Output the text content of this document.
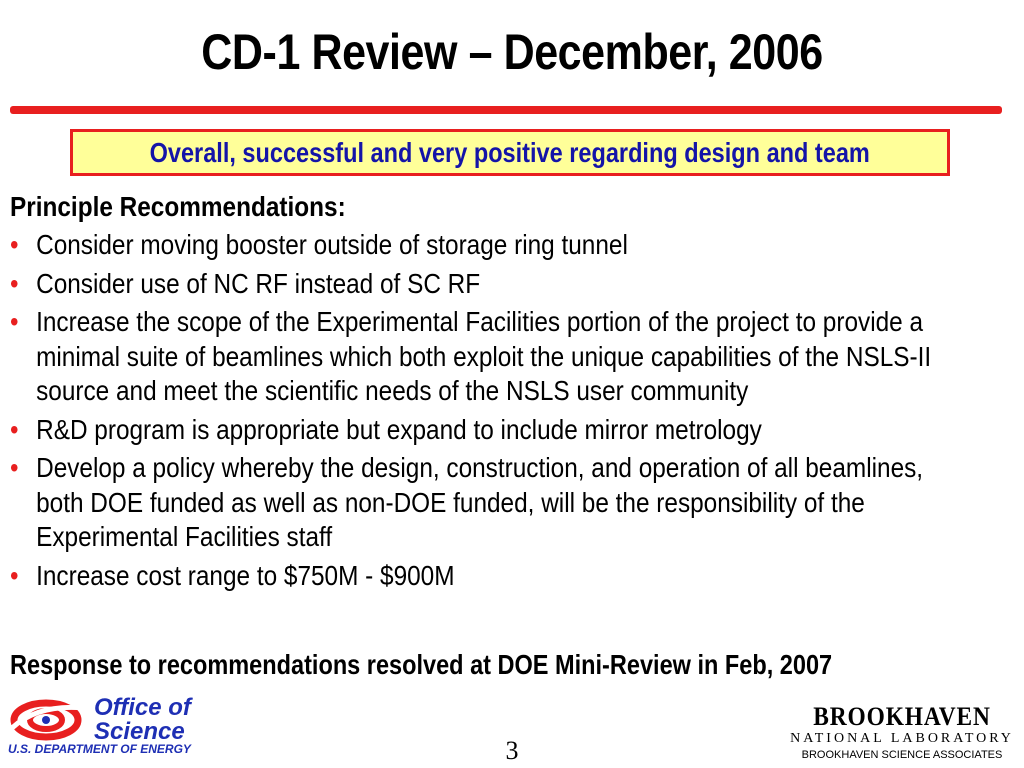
CD-1 Review – December, 2006
Overall, successful and very positive regarding design and team
Principle Recommendations:
• Consider moving booster outside of storage ring tunnel
• Consider use of NC RF instead of SC RF
• Increase the scope of the Experimental Facilities portion of the project to provide a minimal suite of beamlines which both exploit the unique capabilities of the NSLS-II source and meet the scientific needs of the NSLS user community
• R&D program is appropriate but expand to include mirror metrology
• Develop a policy whereby the design, construction, and operation of all beamlines, both DOE funded as well as non-DOE funded, will be the responsibility of the Experimental Facilities staff
• Increase cost range to $750M - $900M
Response to recommendations resolved at DOE Mini-Review in Feb, 2007
Office of
Science
U.S. DEPARTMENT OF ENERGY	3
BROOKHAVEN
NATIONAL LABORATORY
BROOKHAVEN SCIENCE ASSOCIATES
